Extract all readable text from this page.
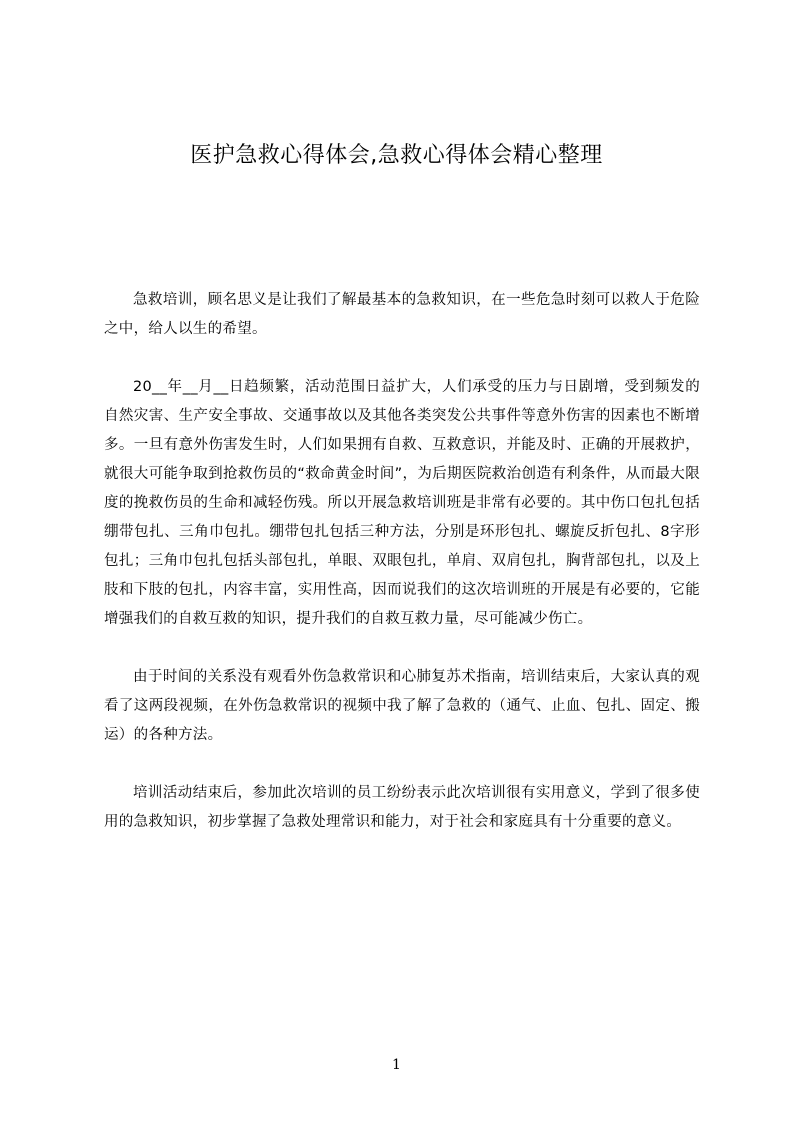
医护急救心得体会,急救心得体会精心整理

急救培训，顾名思义是让我们了解最基本的急救知识，在一些危急时刻可以救人于危险之中，给人以生的希望。

20__年__月__日趋频繁，活动范围日益扩大，人们承受的压力与日剧增，受到频发的自然灾害、生产安全事故、交通事故以及其他各类突发公共事件等意外伤害的因素也不断增多。一旦有意外伤害发生时，人们如果拥有自救、互救意识，并能及时、正确的开展救护，就很大可能争取到抢救伤员的“救命黄金时间”，为后期医院救治创造有利条件，从而最大限度的挽救伤员的生命和减轻伤残。所以开展急救培训班是非常有必要的。其中伤口包扎包括绷带包扎、三角巾包扎。绷带包扎包括三种方法，分别是环形包扎、螺旋反折包扎、8字形包扎；三角巾包扎包括头部包扎，单眼、双眼包扎，单肩、双肩包扎，胸背部包扎，以及上肢和下肢的包扎，内容丰富，实用性高，因而说我们的这次培训班的开展是有必要的，它能增强我们的自救互救的知识，提升我们的自救互救力量，尽可能减少伤亡。

由于时间的关系没有观看外伤急救常识和心肺复苏术指南，培训结束后，大家认真的观看了这两段视频，在外伤急救常识的视频中我了解了急救的（通气、止血、包扎、固定、搬运）的各种方法。

培训活动结束后，参加此次培训的员工纷纷表示此次培训很有实用意义，学到了很多使用的急救知识，初步掌握了急救处理常识和能力，对于社会和家庭具有十分重要的意义。

1
